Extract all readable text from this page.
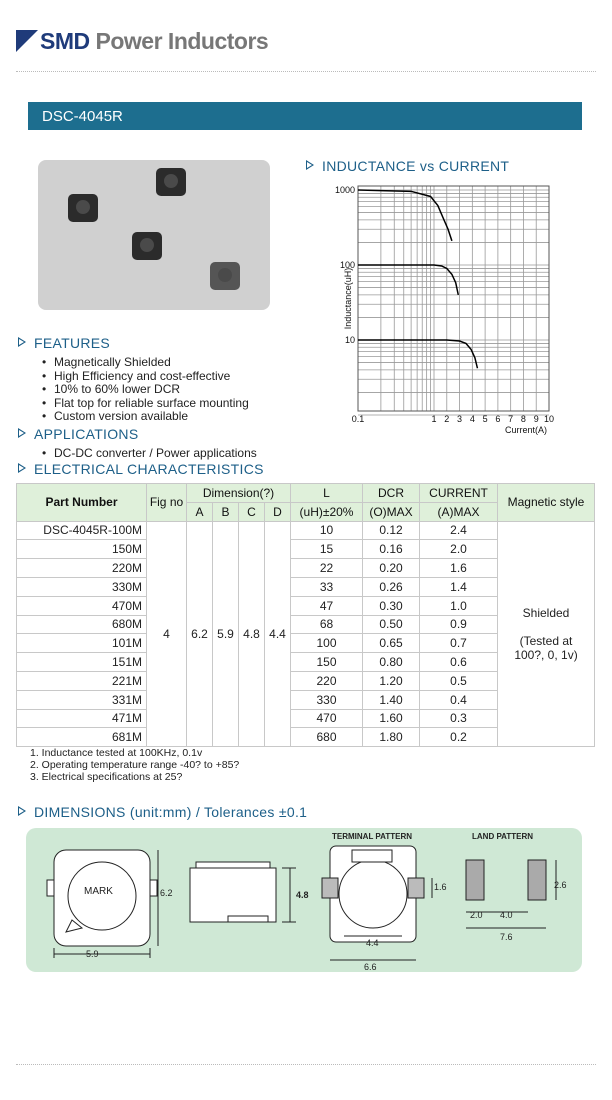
SMD Power Inductors
DSC-4045R
INDUCTANCE vs CURRENT
FEATURES
APPLICATIONS
ELECTRICAL CHARACTERISTICS
DIMENSIONS (unit:mm) / Tolerances ±0.1
• Magnetically Shielded
• High Efficiency and cost-effective
• 10% to 60% lower DCR
• Flat top for reliable surface mounting
• Custom version available
• DC-DC converter / Power applications
1000
100
10
0.1	1 2 3 4 5 6 7 8 9 10
Current(A)
Inductance(uH)
Part Number	Fig no	Dimension(?)				L	DCR	CURRENT	Magnetic style
		A	B	C	D	(uH)±20%	(O)MAX	(A)MAX	
DSC-4045R-100M	4	6.2	5.9	4.8	4.4	10	0.12	2.4	Shielded

(Tested at 100?, 0, 1v)

150M						15	0.16	2.0	
220M						22	0.20	1.6	
330M						33	0.26	1.4	
470M						47	0.30	1.0	
680M						68	0.50	0.9	
101M						100	0.65	0.7	
151M						150	0.80	0.6	
221M						220	1.20	0.5	
331M						330	1.40	0.4	
471M						470	1.60	0.3	
681M						680	1.80	0.2	
1. Inductance tested at 100KHz, 0.1v
2. Operating temperature range -40? to +85?
3. Electrical specifications at 25?
MARK
5.9
6.2	4.8
TERMINAL PATTERN	LAND PATTERN
1.6
4.4
6.6
2.6
2.0 4.0
7.6
